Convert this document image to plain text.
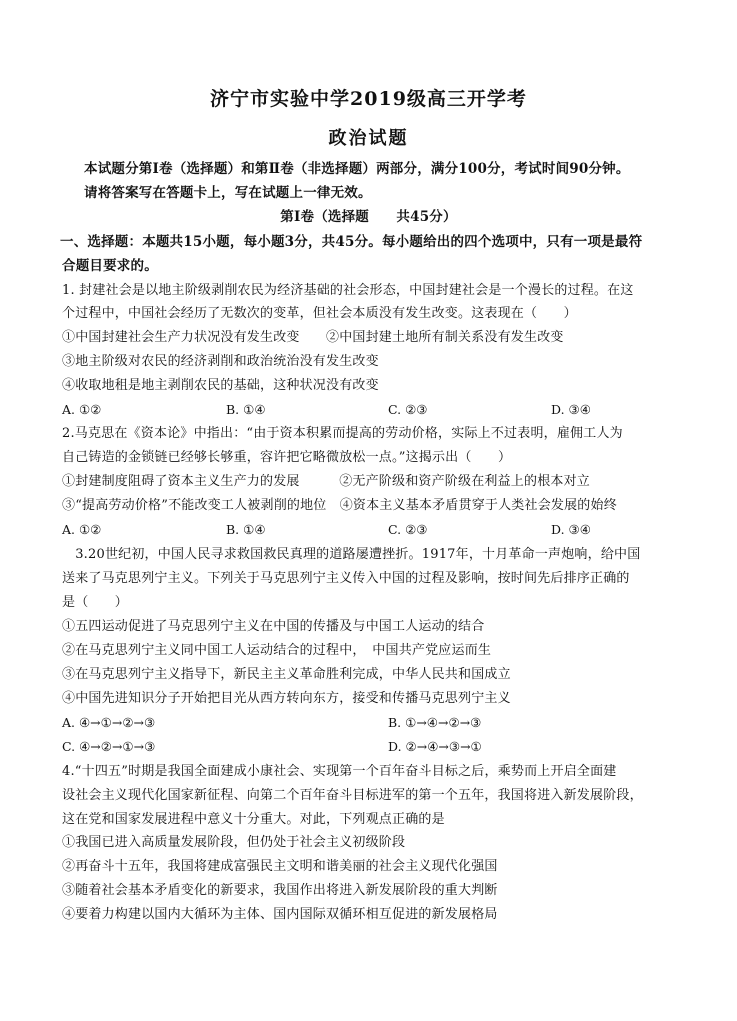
济宁市实验中学2019级高三开学考
政治试题
本试题分第Ⅰ卷（选择题）和第Ⅱ卷（非选择题）两部分，满分100分，考试时间90分钟。
请将答案写在答题卡上，写在试题上一律无效。
第Ⅰ卷（选择题　　共45分）
一、选择题：本题共15小题，每小题3分，共45分。每小题给出的四个选项中，只有一项是最符
合题目要求的。
1. 封建社会是以地主阶级剥削农民为经济基础的社会形态，中国封建社会是一个漫长的过程。在这
个过程中，中国社会经历了无数次的变革，但社会本质没有发生改变。这表现在（　　）
①中国封建社会生产力状况没有发生改变　　②中国封建土地所有制关系没有发生改变
③地主阶级对农民的经济剥削和政治统治没有发生改变
④收取地租是地主剥削农民的基础，这种状况没有改变
A. ①②	B. ①④	C. ②③	D. ③④
2.马克思在《资本论》中指出：“由于资本积累而提高的劳动价格，实际上不过表明，雇佣工人为
自己铸造的金锁链已经够长够重，容许把它略微放松一点。”这揭示出（　　）
①封建制度阻碍了资本主义生产力的发展　　　②无产阶级和资产阶级在利益上的根本对立
③“提高劳动价格”不能改变工人被剥削的地位　④资本主义基本矛盾贯穿于人类社会发展的始终
A. ①②	B. ①④	C. ②③	D. ③④
　3.20世纪初，中国人民寻求救国救民真理的道路屡遭挫折。1917年，十月革命一声炮响，给中国
送来了马克思列宁主义。下列关于马克思列宁主义传入中国的过程及影响，按时间先后排序正确的
是（　　）
①五四运动促进了马克思列宁主义在中国的传播及与中国工人运动的结合
②在马克思列宁主义同中国工人运动结合的过程中，　中国共产党应运而生
③在马克思列宁主义指导下，新民主主义革命胜利完成，中华人民共和国成立
④中国先进知识分子开始把目光从西方转向东方，接受和传播马克思列宁主义
A. ④→①→②→③	B. ①→④→②→③
C. ④→②→①→③	D. ②→④→③→①
4.“十四五”时期是我国全面建成小康社会、实现第一个百年奋斗目标之后，乘势而上开启全面建
设社会主义现代化国家新征程、向第二个百年奋斗目标进军的第一个五年，我国将进入新发展阶段，
这在党和国家发展进程中意义十分重大。对此，下列观点正确的是
①我国已进入高质量发展阶段，但仍处于社会主义初级阶段
②再奋斗十五年，我国将建成富强民主文明和谐美丽的社会主义现代化强国
③随着社会基本矛盾变化的新要求，我国作出将进入新发展阶段的重大判断
④要着力构建以国内大循环为主体、国内国际双循环相互促进的新发展格局
